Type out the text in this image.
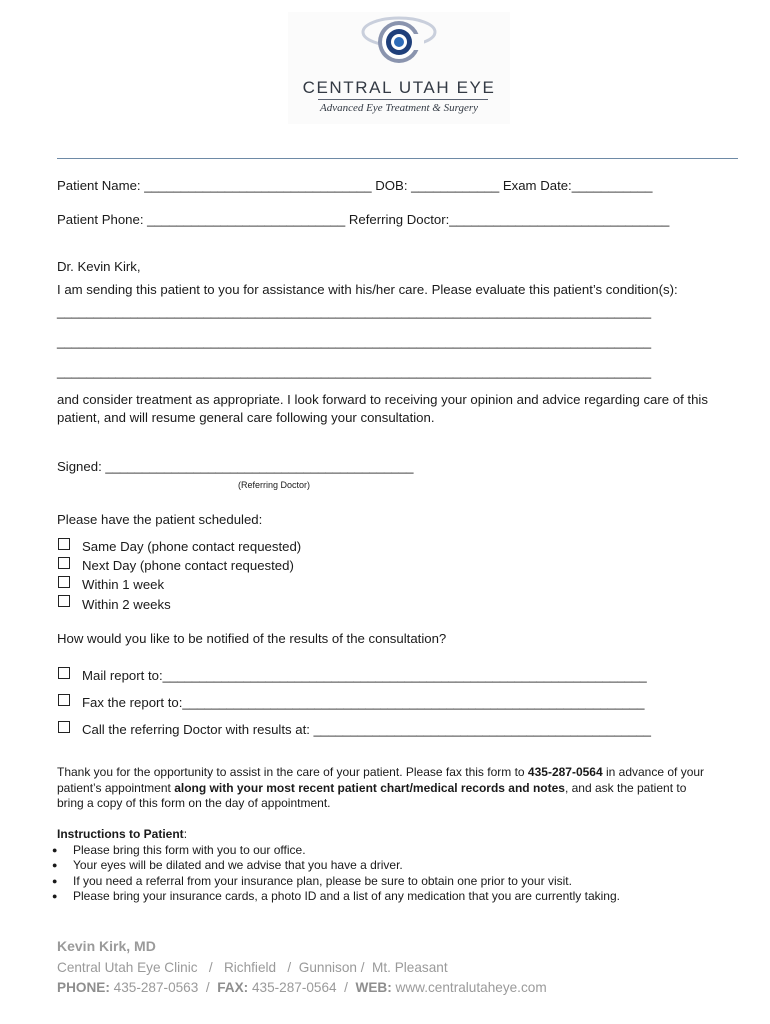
CENTRAL UTAH EYE
Advanced Eye Treatment & Surgery
Patient Name: _______________________________ DOB: ____________ Exam Date:___________
Patient Phone: ___________________________ Referring Doctor:______________________________
Dr. Kevin Kirk,
I am sending this patient to you for assistance with his/her care. Please evaluate this patient’s condition(s):
_________________________________________________________________________________
_________________________________________________________________________________
_________________________________________________________________________________
and consider treatment as appropriate. I look forward to receiving your opinion and advice regarding care of this
patient, and will resume general care following your consultation.
Signed: __________________________________________
(Referring Doctor)
Please have the patient scheduled:
Same Day (phone contact requested)
Next Day (phone contact requested)
Within 1 week
Within 2 weeks
How would you like to be notified of the results of the consultation?
Mail report to:__________________________________________________________________
Fax the report to:_______________________________________________________________
Call the referring Doctor with results at: ______________________________________________
Thank you for the opportunity to assist in the care of your patient. Please fax this form to 435-287-0564 in advance of your
patient’s appointment along with your most recent patient chart/medical records and notes, and ask the patient to
bring a copy of this form on the day of appointment.
Instructions to Patient:
● Please bring this form with you to our office.
● Your eyes will be dilated and we advise that you have a driver.
● If you need a referral from your insurance plan, please be sure to obtain one prior to your visit.
● Please bring your insurance cards, a photo ID and a list of any medication that you are currently taking.
Kevin Kirk, MD
Central Utah Eye Clinic   /   Richfield   /  Gunnison /  Mt. Pleasant
PHONE: 435-287-0563  /  FAX: 435-287-0564  /  WEB: www.centralutaheye.com
